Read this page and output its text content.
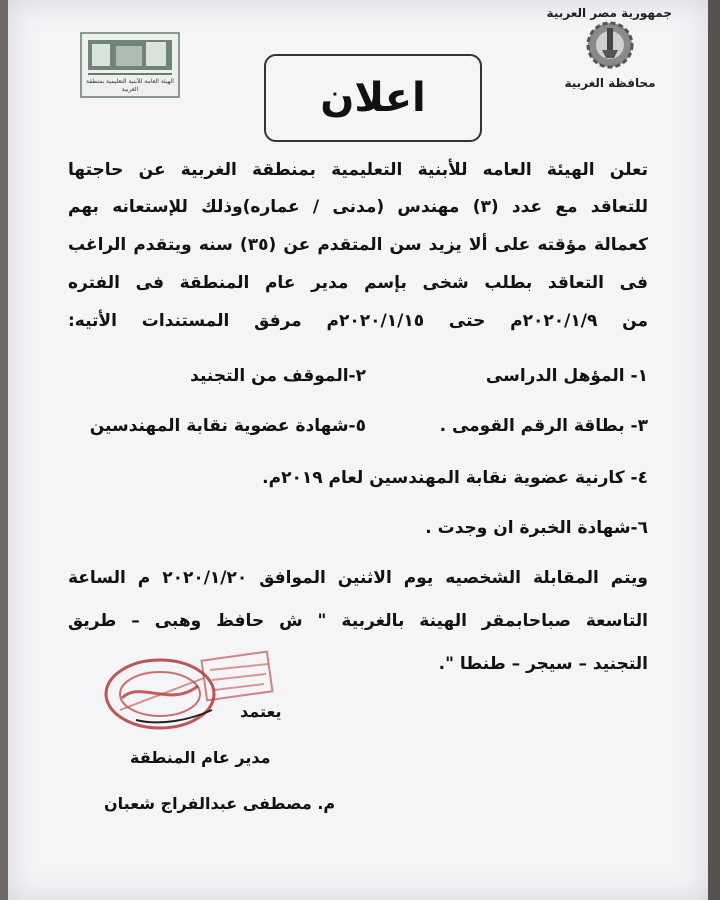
الهيئة العامة للأبنية التعليمية بمنطقة الغربية
جمهورية مصر العربية
محافظة الغربية
اعلان
تعلن الهيئة العامه للأبنية التعليمية بمنطقة الغربية عن حاجتها
للتعاقد مع عدد (٣) مهندس (مدنى / عماره)وذلك للإستعانه بهم
كعمالة مؤقته على ألا يزيد سن المتقدم عن (٣٥) سنه ويتقدم الراغب
فى التعاقد بطلب شخى بإسم مدير عام المنطقة فى الفتره
من ٢٠٢٠/١/٩م حتى ٢٠٢٠/١/١٥م مرفق المستندات الأتيه:
١- المؤهل الدراسى
٢-الموقف من التجنيد
٣- بطاقة الرقم القومى .
٥-شهادة عضوية نقابة المهندسين
٤- كارنية عضوية نقابة المهندسين لعام ٢٠١٩م.
٦-شهادة الخبرة ان وجدت .
ويتم المقابلة الشخصيه يوم الاثنين الموافق ٢٠٢٠/١/٢٠ م الساعة
التاسعة صباحابمقر الهينة بالغربية " ش حافظ وهبى – طريق
التجنيد – سيجر – طنطا ".
يعتمد
مدير عام المنطقة
م. مصطفى عبدالفراج شعبان
